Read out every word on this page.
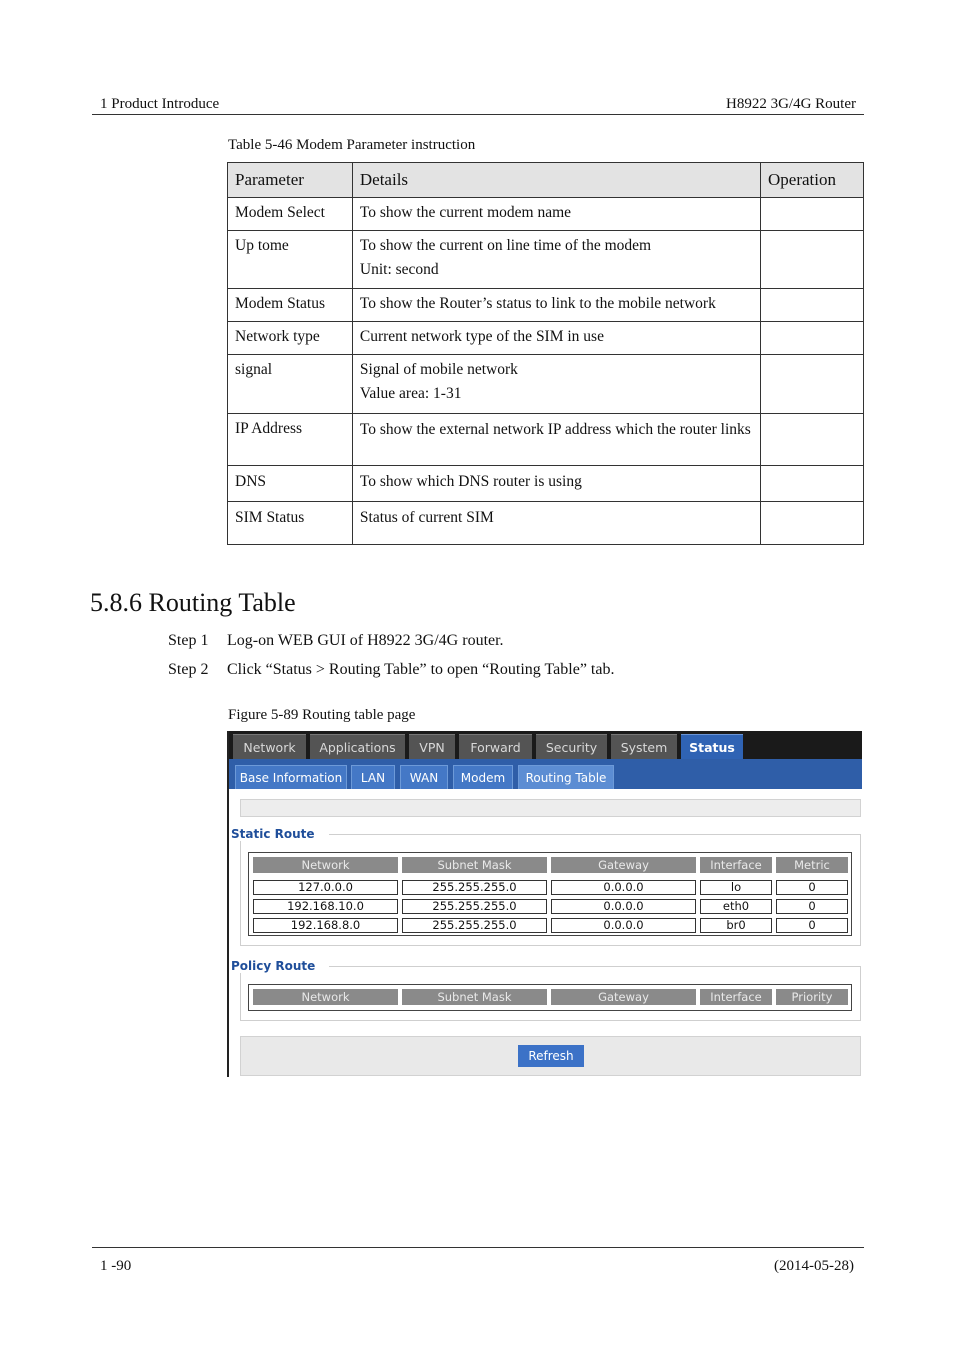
1 Product Introduce	H8922 3G/4G Router
Table 5-46 Modem Parameter instruction
Parameter	Details	Operation
Modem Select	To show the current modem name	
Up tome	To show the current on line time of the modem
Unit: second	

Modem Status	To show the Router’s status to link to the mobile network	
Network type	Current network type of the SIM in use	
signal	Signal of mobile network
Value area: 1-31	

IP Address	To show the external network IP address which the router links	
DNS	To show which DNS router is using	
SIM Status	Status of current SIM	
5.8.6 Routing Table
Step 1 Log-on WEB GUI of H8922 3G/4G router.
Step 2 Click “Status > Routing Table” to open “Routing Table” tab.
Figure 5-89 Routing table page
Network	Applications	VPN	Forward	Security	System	Status
Base Information	LAN	WAN	Modem	Routing Table
Static Route
Network	Subnet Mask	Gateway	Interface	Metric
127.0.0.0	255.255.255.0	0.0.0.0	lo	0
192.168.10.0	255.255.255.0	0.0.0.0	eth0	0
192.168.8.0	255.255.255.0	0.0.0.0	br0	0
Policy Route
Network	Subnet Mask	Gateway	Interface	Priority
Refresh
1 -90	(2014-05-28)
